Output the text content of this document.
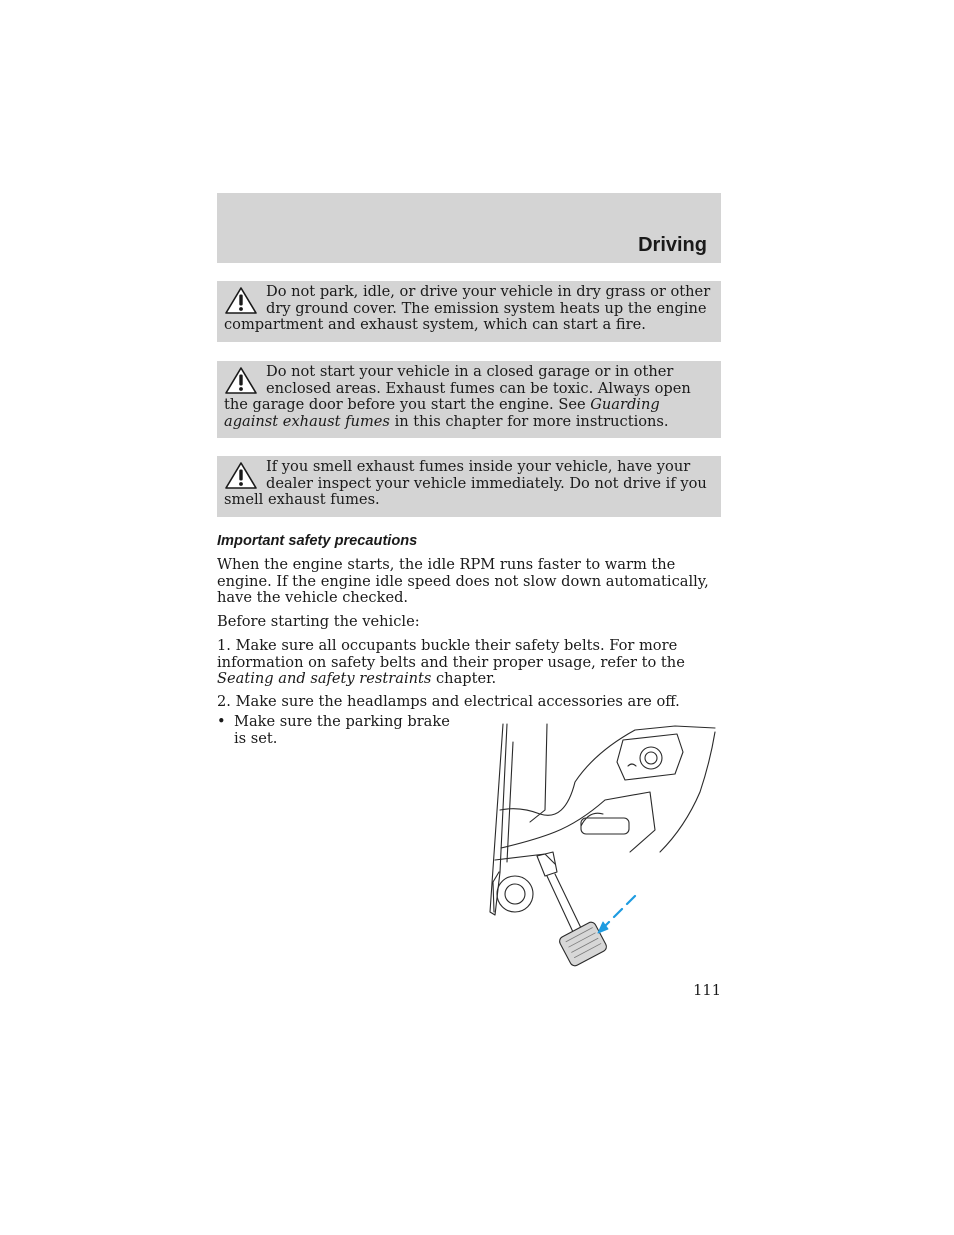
Driving
Do not park, idle, or drive your vehicle in dry grass or other dry ground cover. The emission system heats up the engine compartment and exhaust system, which can start a fire.
Do not start your vehicle in a closed garage or in other enclosed areas. Exhaust fumes can be toxic. Always open the garage door before you start the engine. See Guarding against exhaust fumes in this chapter for more instructions.
If you smell exhaust fumes inside your vehicle, have your dealer inspect your vehicle immediately. Do not drive if you smell exhaust fumes.
Important safety precautions
When the engine starts, the idle RPM runs faster to warm the engine. If the engine idle speed does not slow down automatically, have the vehicle checked.
Before starting the vehicle:
1. Make sure all occupants buckle their safety belts. For more information on safety belts and their proper usage, refer to the Seating and safety restraints chapter.
2. Make sure the headlamps and electrical accessories are off.
• Make sure the parking brake is set.
111
